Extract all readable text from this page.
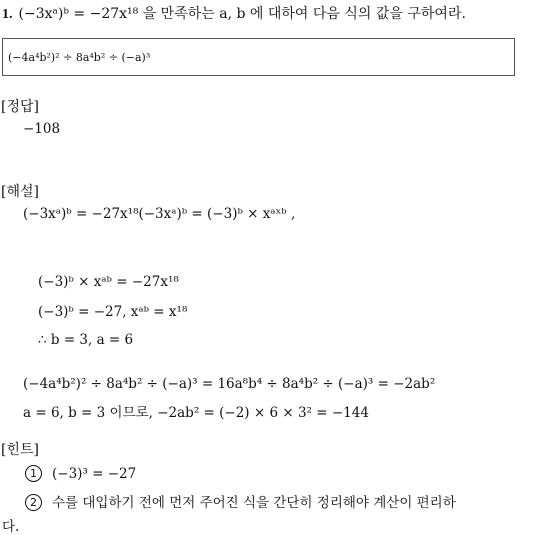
1. (−3xᵃ)ᵇ = −27x¹⁸ 을 만족하는 a, b 에 대하여 다음 식의 값을 구하여라.
(−4a⁴b²)² ÷ 8a⁴b² ÷ (−a)³
[정답]
−108
[해설]
(−3xᵃ)ᵇ = −27x¹⁸(−3xᵃ)ᵇ = (−3)ᵇ × xᵃˣᵇ ,
(−3)ᵇ × xᵃᵇ = −27x¹⁸
(−3)ᵇ = −27, xᵃᵇ = x¹⁸
∴ b = 3, a = 6
(−4a⁴b²)² ÷ 8a⁴b² ÷ (−a)³ = 16a⁸b⁴ ÷ 8a⁴b² ÷ (−a)³ = −2ab²
a = 6, b = 3 이므로, −2ab² = (−2) × 6 × 3² = −144
[힌트]
1 (−3)³ = −27
2 수를 대입하기 전에 먼저 주어진 식을 간단히 정리해야 계산이 편리하
다.
